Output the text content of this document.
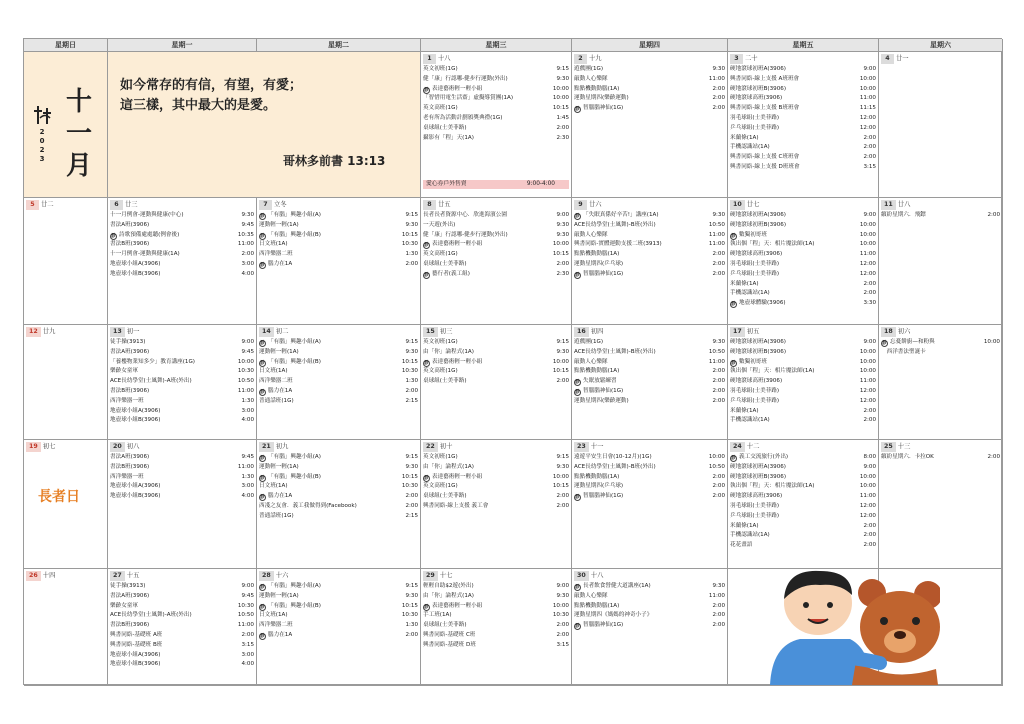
星期日	星期一	星期二	星期三	星期四	星期五	星期六
2
0
2
3
十
一
月
如今常存的有信，有望，有愛；
這三樣，其中最大的是愛。
哥林多前書 13:13
1 十八
英文初班(1G)	9:15
健「康」行認哪-健步行運動(外出)	9:30
診 表達藝術輕一輕小組	10:00
「智惜用電生活齋」虛擬導賞團(1A)	10:00
英文高班(1G)	10:15
老有所為活動計劃頒獎典禮(1G)	1:45
桌球組(士美菲路)	2:00
攝影有「程」天(1A)	2:30
愛心券戶外售賣	9:00-4:00
2 十九
遊戲團(1G)	9:30
敲動人心樂隊	11:00
點點機動動腦(1A)	2:00
運動星期四(樂齡運動)	2:00
診 智腦腦神仙(1G)	2:00
3 二十
硬地滾球初班A(3906)	9:00
興書同絡-線上支援 A班班會	10:00
硬地滾球初班B(3906)	10:00
硬地滾球高班(3906)	11:00
興書同絡-線上支援 B班班會	11:15
羽毛球組(士美菲路)	12:00
乒乓球組(士美菲路)	12:00
米蘭條(1A)	2:00
手機認識站(1A)	2:00
興書同絡-線上支援 C班班會	2:00
興書同絡-線上支援 D班班會	3:15
4 廿一
5 廿二	6 廿三
十一月例會-運動與健康(中心)	9:30
書法A班(3906)	9:45
診 詩歌預備處處聽(例會後)	10:35
書法B班(3906)	11:00
十一月例會-運動與健康(1A)	2:00
地壺球小組A(3906)	3:00
地壺球小組B(3906)	4:00
7 立冬
診 「有腦」興趣小組(A)	9:15
運動輕一輕(1A)	9:30
診 「有腦」興趣小組(B)	10:15
日文班(1A)	10:30
西洋樂器二班	1:30
診 腦力在1A	2:00
8 廿五
長者長者資源中心．欣進海濱公園	9:00
一天遊(外出)	9:30
健「康」行認哪-健步行運動(外出)	9:30
診 表達藝術輕一輕小組	10:00
英文高班(1G)	10:15
桌球組(士美菲路)	2:00
診 藝行者(義工組)	2:30
9 廿六
診 「失眠真係好辛苦!」講座(1A)	9:30
ACE長幼學堂(士風舞)-B班(外出)	10:50
敲動人心樂隊	11:00
興書同絡-實體運動支援二班(3913)	11:00
點點機動動腦(1A)	2:00
運動星期四(乒乓球)	2:00
診 智腦腦神仙(1G)	2:00
10 廿七
硬地滾球初班A(3906)	9:00
硬地滾球初班B(3906)	10:00
診 數獨初哥班	10:00
執出個「程」天：相片魔法師(1A)	10:00
硬地滾球高班(3906)	11:00
羽毛球組(士美菲路)	12:00
乒乓球組(士美菲路)	12:00
米蘭條(1A)	2:00
手機認識站(1A)	2:00
診 地壺球體驗(3906)	3:30
11 廿八
繽紛星期六．飛鏢	2:00
12 廿九	13 初一
徒手操(3913)	9:00
書法A班(3906)	9:45
「養樓物業知多少」教育講座(1G)	10:00
樂齡女童軍	10:30
ACE長幼學堂(士風舞)-A班(外出)	10:50
書法B班(3906)	11:00
西洋樂器一班	1:30
地壺球小組A(3906)	3:00
地壺球小組B(3906)	4:00
14 初二
診 「有腦」興趣小組(A)	9:15
運動輕一輕(1A)	9:30
診 「有腦」興趣小組(B)	10:15
日文班(1A)	10:30
西洋樂器二班	1:30
診 腦力在1A	2:00
普通話班(1G)	2:15
15 初三
英文初班(1G)	9:15
由「你」論程式(1A)	9:30
診 表達藝術輕一輕小組	10:00
英文高班(1G)	10:15
桌球組(士美菲路)	2:00
16 初四
遊戲團(1G)	9:30
ACE長幼學堂(士風舞)-B班(外出)	10:50
敲動人心樂隊	11:00
點點機動動腦(1A)	2:00
診 失眠放鬆練習	2:00
診 智腦腦神仙(1G)	2:00
運動星期四(樂齡運動)	2:00
17 初五
硬地滾球初班A(3906)	9:00
硬地滾球初班B(3906)	10:00
診 數獨初哥班	10:00
執出個「程」天：相片魔法師(1A)	10:00
硬地滾球高班(3906)	11:00
羽毛球組(士美菲路)	12:00
乒乓球組(士美菲路)	12:00
米蘭條(1A)	2:00
手機認識站(1A)	2:00
18 初六
診 忘憂餅廚—和粉與	10:00
　西洋書法聖誕卡
19 初七
長者日
20 初八
書法A班(3906)	9:45
書法B班(3906)	11:00
西洋樂器一班	1:30
地壺球小組A(3906)	3:00
地壺球小組B(3906)	4:00
21 初九
診 「有腦」興趣小組(A)	9:15
運動輕一輕(1A)	9:30
診 「有腦」興趣小組(B)	10:15
日文班(1A)	10:30
診 腦力在1A	2:00
西淺之友會．義工我做得到(Facebook)	2:00
普通話班(1G)	2:15
22 初十
英文初班(1G)	9:15
由「你」論程式(1A)	9:30
診 表達藝術輕一輕小組	10:00
英文高班(1G)	10:15
桌球組(士美菲路)	2:00
興書同絡-線上支援 義工會	2:00
23 十一
遠遊平安生日會(10-12月)(1G)	10:00
ACE長幼學堂(士風舞)-B班(外出)	10:50
點點機動動腦(1A)	2:00
運動星期四(乒乓球)	2:00
診 智腦腦神仙(1G)	2:00
24 十二
診 義工交流旅行(外出)	8:00
硬地滾球初班A(3906)	9:00
硬地滾球初班B(3906)	10:00
執出個「程」天：相片魔法師(1A)	10:00
硬地滾球高班(3906)	11:00
羽毛球組(士美菲路)	12:00
乒乓球組(士美菲路)	12:00
米蘭條(1A)	2:00
手機認識站(1A)	2:00
花花畫語	2:00
25 十三
繽紛星期六．卡拉OK	2:00
26 十四	27 十五
徒手操(3913)	9:00
書法A班(3906)	9:45
樂齡女童軍	10:30
ACE長幼學堂(士風舞)-A班(外出)	10:50
書法B班(3906)	11:00
興書同絡-基礎班 A班	2:00
興書同絡-基礎班 B班	3:15
地壺球小組A(3906)	3:00
地壺球小組B(3906)	4:00
28 十六
診 「有腦」興趣小組(A)	9:15
運動輕一輕(1A)	9:30
診 「有腦」興趣小組(B)	10:15
日文班(1A)	10:30
西洋樂器二班	1:30
診 腦力在1A	2:00
29 十七
輕輕自助$2遊(外出)	9:00
由「你」論程式(1A)	9:30
診 表達藝術輕一輕小組	10:00
手工班(1A)	10:30
桌球組(士美菲路)	2:00
興書同絡-基礎班 C班	2:00
興書同絡-基礎班 D班	3:15
30 十八
診 長者飲食營健大道講座(1A)	9:30
敲動人心樂隊	11:00
點點機動動腦(1A)	2:00
運動星期四《媽媽的神奇小子》	2:00
診 智腦腦神仙(1G)	2:00
